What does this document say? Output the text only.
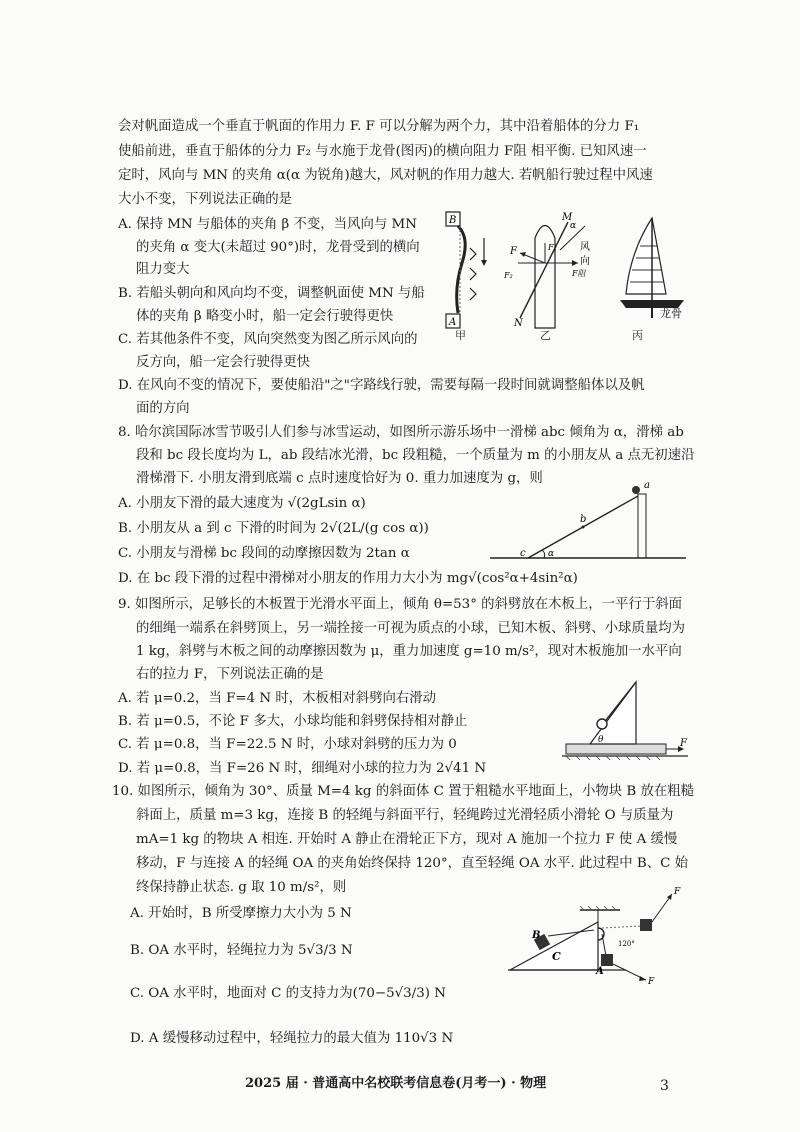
会对帆面造成一个垂直于帆面的作用力 F. F 可以分解为两个力，其中沿着船体的分力 F₁
使船前进，垂直于船体的分力 F₂ 与水施于龙骨(图丙)的横向阻力 F阻 相平衡. 已知风速一
定时，风向与 MN 的夹角 α(α 为锐角)越大，风对帆的作用力越大. 若帆船行驶过程中风速
大小不变，下列说法正确的是
A. 保持 MN 与船体的夹角 β 不变，当风向与 MN
的夹角 α 变大(未超过 90°)时，龙骨受到的横向
阻力变大
B. 若船头朝向和风向均不变，调整帆面使 MN 与船
体的夹角 β 略变小时，船一定会行驶得更快
C. 若其他条件不变，风向突然变为图乙所示风向的
反方向，船一定会行驶得更快
D. 在风向不变的情况下，要使船沿"之"字路线行驶，需要每隔一段时间就调整船体以及帆
面的方向
B
A
甲
M
N
α
风
向
F	F₁
F₂	F阻
乙
龙骨
丙
8. 哈尔滨国际冰雪节吸引人们参与冰雪运动，如图所示游乐场中一滑梯 abc 倾角为 α，滑梯 ab
段和 bc 段长度均为 L，ab 段结冰光滑，bc 段粗糙，一个质量为 m 的小朋友从 a 点无初速沿
滑梯滑下. 小朋友滑到底端 c 点时速度恰好为 0. 重力加速度为 g，则
A. 小朋友下滑的最大速度为 √(2gLsin α)
B. 小朋友从 a 到 c 下滑的时间为 2√(2L/(g cos α))
C. 小朋友与滑梯 bc 段间的动摩擦因数为 2tan α
D. 在 bc 段下滑的过程中滑梯对小朋友的作用力大小为 mg√(cos²α+4sin²α)
a
b
c α
9. 如图所示，足够长的木板置于光滑水平面上，倾角 θ=53° 的斜劈放在木板上，一平行于斜面
的细绳一端系在斜劈顶上，另一端拴接一可视为质点的小球，已知木板、斜劈、小球质量均为
1 kg，斜劈与木板之间的动摩擦因数为 μ，重力加速度 g=10 m/s²，现对木板施加一水平向
右的拉力 F，下列说法正确的是
A. 若 μ=0.2，当 F=4 N 时，木板相对斜劈向右滑动
B. 若 μ=0.5，不论 F 多大，小球均能和斜劈保持相对静止
C. 若 μ=0.8，当 F=22.5 N 时，小球对斜劈的压力为 0
D. 若 μ=0.8，当 F=26 N 时，细绳对小球的拉力为 2√41 N
θ	F
10. 如图所示，倾角为 30°、质量 M=4 kg 的斜面体 C 置于粗糙水平地面上，小物块 B 放在粗糙
斜面上，质量 m=3 kg，连接 B 的轻绳与斜面平行，轻绳跨过光滑轻质小滑轮 O 与质量为
mA=1 kg 的物块 A 相连. 开始时 A 静止在滑轮正下方，现对 A 施加一个拉力 F 使 A 缓慢
移动，F 与连接 A 的轻绳 OA 的夹角始终保持 120°，直至轻绳 OA 水平. 此过程中 B、C 始
终保持静止状态. g 取 10 m/s²，则
A. 开始时，B 所受摩擦力大小为 5 N
B. OA 水平时，轻绳拉力为 5√3/3 N
C. OA 水平时，地面对 C 的支持力为(70−5√3/3) N
D. A 缓慢移动过程中，轻绳拉力的最大值为 110√3 N
C
B
A
120°
F
F
2025 届 · 普通高中名校联考信息卷(月考一) · 物理	3
